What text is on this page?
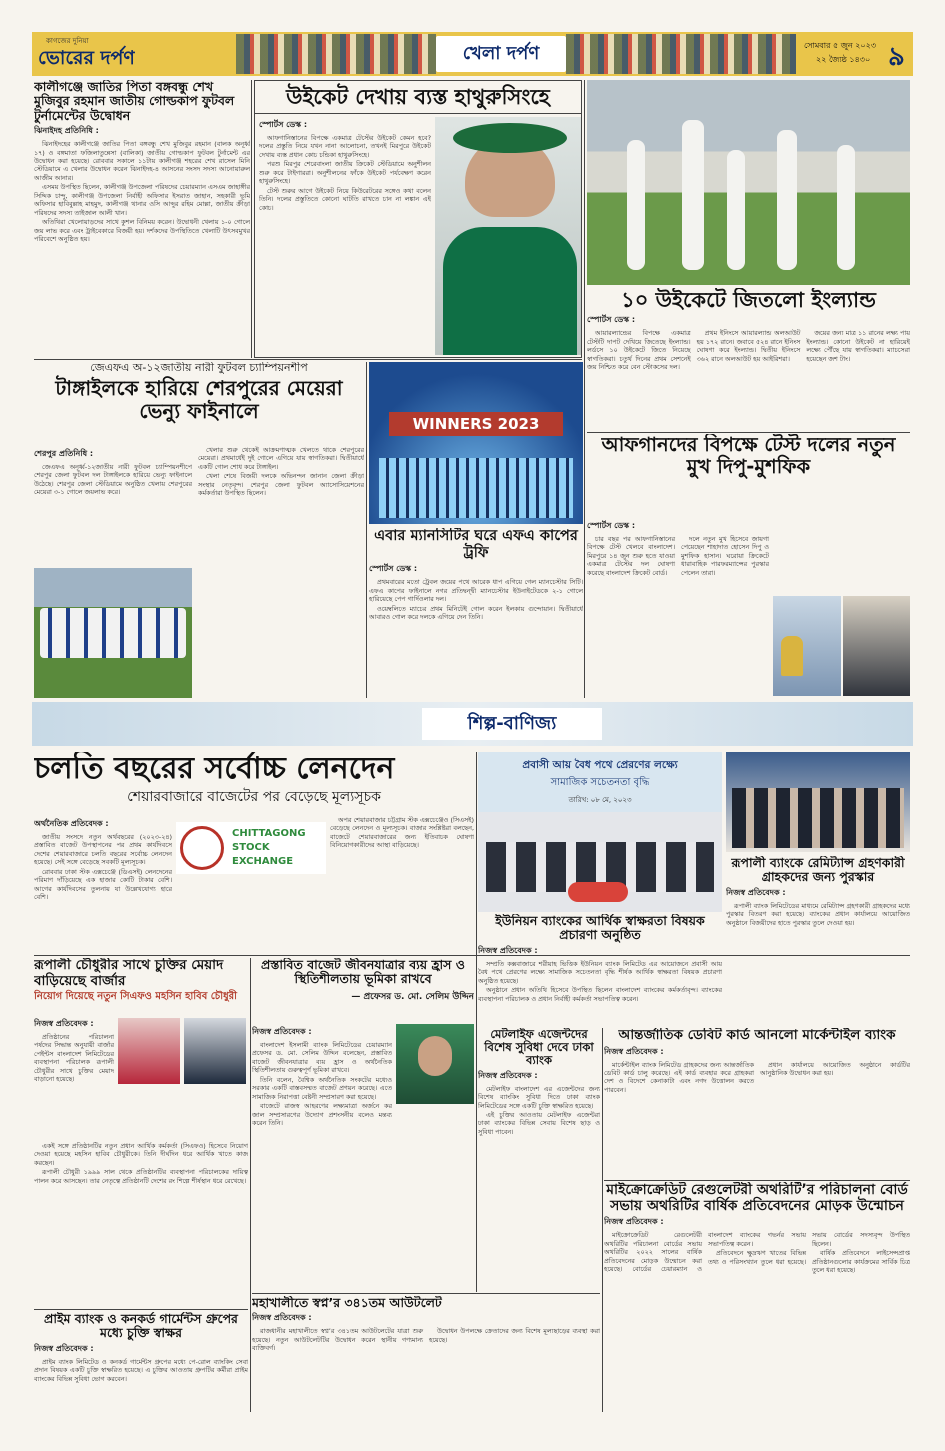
কাগজের দুনিয়া
ভোরের দর্পণ	খেলা দর্পণ	সোমবার ৫ জুন ২০২৩
২২ জ্যৈষ্ঠ ১৪৩০ ৯
কালীগঞ্জে জাতির পিতা বঙ্গবন্ধু শেখ মুজিবুর রহমান জাতীয় গোল্ডকাপ ফুটবল টুর্নামেন্টের উদ্বোধন
ঝিনাইদহ প্রতিনিধি :

ঝিনাইদহের কালীগঞ্জে জাতির পিতা বঙ্গবন্ধু শেখ মুজিবুর রহমান (বালক অনূর্ধ্ব ১৭) ও বঙ্গমাতা ফজিলাতুন্নেসা (বালিকা) জাতীয় গোল্ডকাপ ফুটবল টুর্নামেন্ট এর উদ্বোধন করা হয়েছে। রোববার সকালে ১১টায় কালীগঞ্জ শহরের শেখ রাসেল মিনি স্টেডিয়ামে এ খেলার উদ্বোধন করেন ঝিনাইদহ-৪ আসনের সংসদ সদস্য আনোয়ারুল আজীম আনার।

এসময় উপস্থিত ছিলেন, কালীগঞ্জ উপজেলা পরিষদের চেয়ারম্যান এসএম জাহাঙ্গীর সিদ্দিক চান্দু, কালীগঞ্জ উপজেলা নির্বাহী অফিসার ইসরাত জাহান, সহকারী ভূমি অফিসার হাবিবুল্লাহ মাহমুদ, কালীগঞ্জ থানার ওসি আব্দুর রহিম মোল্লা, জাতীয় ক্রীড়া পরিষদের সদস্য তাইজাল আলী খান।

অতিথিরা খেলোয়াড়দের সাথে কুশল বিনিময় করেন। উদ্বোধনী খেলায় ১-০ গোলে জয় লাভ করে এবং ট্রাইবেকারে বিজয়ী হয়। দর্শকদের উপস্থিতিতে খেলাটি উৎসবমুখর পরিবেশে অনুষ্ঠিত হয়।

উইকেট দেখায় ব্যস্ত হাথুরুসিংহে
স্পোর্টস ডেস্ক :

আফগানিস্তানের বিপক্ষে একমাত্র টেস্টের উইকেট কেমন হবে? দলের প্রস্তুতি নিয়ে যখন নানা আলোচনা, তখনই মিরপুরে উইকেট দেখায় ব্যস্ত প্রধান কোচ চন্ডিকা হাথুরুসিংহে।

পরশু মিরপুর শেরেবাংলা জাতীয় ক্রিকেট স্টেডিয়ামে অনুশীলন শুরু করে টাইগাররা। অনুশীলনের ফাঁকে উইকেট পর্যবেক্ষণ করেন হাথুরুসিংহে।

টেস্ট শুরুর আগে উইকেট নিয়ে কিউরেটরের সঙ্গেও কথা বলেন তিনি। দলের প্রস্তুতিতে কোনো ঘাটতি রাখতে চান না লঙ্কান এই কোচ।

১০ উইকেটে জিতলো ইংল্যান্ড
স্পোর্টস ডেস্ক :

আয়ারল্যান্ডের বিপক্ষে একমাত্র টেস্টটি দাপট দেখিয়ে জিতেছে ইংল্যান্ড। লর্ডসে ১০ উইকেটে জিতে নিয়েছে স্বাগতিকরা। চতুর্থ দিনের প্রথম সেশনেই জয় নিশ্চিত করে বেন স্টোকসের দল।

প্রথম ইনিংসে আয়ারল্যান্ড অলআউট হয় ১৭২ রানে। জবাবে ৫২৪ রানে ইনিংস ঘোষণা করে ইংল্যান্ড। দ্বিতীয় ইনিংসে ৩৬২ রানে অলআউট হয় আইরিশরা।

জয়ের জন্য মাত্র ১১ রানের লক্ষ্য পায় ইংল্যান্ড। কোনো উইকেট না হারিয়েই লক্ষ্যে পৌঁছে যায় স্বাগতিকরা। ম্যাচসেরা হয়েছেন জশ টাং।

জেএফএ অ-১২জাতীয় নারী ফুটবল চ্যাম্পিয়নশীপ
টাঙ্গাইলকে হারিয়ে শেরপুরের মেয়েরা ভেন্যু ফাইনালে
শেরপুর প্রতিনিধি :

জেএফএ অনূর্ধ্ব-১২জাতীয় নারী ফুটবল চ্যাম্পিয়নশীপে শেরপুর জেলা ফুটবল দল টাঙ্গাইলকে হারিয়ে ভেন্যু ফাইনালে উঠেছে। শেরপুর জেলা স্টেডিয়ামে অনুষ্ঠিত খেলায় শেরপুরের মেয়েরা ৩-১ গোলে জয়লাভ করে।

খেলার শুরু থেকেই আক্রমণাত্মক খেলতে থাকে শেরপুরের মেয়েরা। প্রথমার্ধেই দুই গোলে এগিয়ে যায় স্বাগতিকরা। দ্বিতীয়ার্ধে একটি গোল শোধ করে টাঙ্গাইল।

খেলা শেষে বিজয়ী দলকে অভিনন্দন জানান জেলা ক্রীড়া সংস্থার নেতৃবৃন্দ। শেরপুর জেলা ফুটবল অ্যাসোসিয়েশনের কর্মকর্তারা উপস্থিত ছিলেন।

WINNERS 2023
এবার ম্যানসিটির ঘরে এফএ কাপের ট্রফি
স্পোর্টস ডেস্ক :

প্রথমবারের মতো ট্রেবল জয়ের পথে আরেক ধাপ এগিয়ে গেল ম্যানচেস্টার সিটি। এফএ কাপের ফাইনালে নগর প্রতিদ্বন্দ্বী ম্যানচেস্টার ইউনাইটেডকে ২-১ গোলে হারিয়েছে পেপ গার্দিওলার দল।

ওয়েম্বলিতে ম্যাচের প্রথম মিনিটেই গোল করেন ইলকায় গুন্দোয়ান। দ্বিতীয়ার্ধে আবারও গোল করে দলকে এগিয়ে দেন তিনি।

আফগানদের বিপক্ষে টেস্ট দলের নতুন মুখ দিপু-মুশফিক
স্পোর্টস ডেস্ক :

চার বছর পর আফগানিস্তানের বিপক্ষে টেস্ট খেলবে বাংলাদেশ। মিরপুরে ১৪ জুন শুরু হতে যাওয়া একমাত্র টেস্টের দল ঘোষণা করেছে বাংলাদেশ ক্রিকেট বোর্ড।

দলে নতুন মুখ হিসেবে জায়গা পেয়েছেন শাহাদাত হোসেন দিপু ও মুশফিক হাসান। ঘরোয়া ক্রিকেটে ধারাবাহিক পারফরম্যান্সের পুরস্কার পেলেন তারা।

শিল্প-বাণিজ্য
চলতি বছরের সর্বোচ্চ লেনদেন
শেয়ারবাজারে বাজেটের পর বেড়েছে মূল্যসূচক
অর্থনৈতিক প্রতিবেদক :

জাতীয় সংসদে নতুন অর্থবছরের (২০২৩-২৪) প্রস্তাবিত বাজেট উপস্থাপনের পর প্রথম কার্যদিবসে দেশের শেয়ারবাজারে চলতি বছরের সর্বোচ্চ লেনদেন হয়েছে। সেই সঙ্গে বেড়েছে সবকটি মূল্যসূচক।

রোববার ঢাকা স্টক এক্সচেঞ্জে (ডিএসই) লেনদেনের পরিমাণ দাঁড়িয়েছে এক হাজার কোটি টাকার বেশি। আগের কার্যদিবসের তুলনায় যা উল্লেখযোগ্য হারে বেশি।

CHITTAGONG
STOCK
EXCHANGE

অপর শেয়ারবাজার চট্টগ্রাম স্টক এক্সচেঞ্জেও (সিএসই) বেড়েছে লেনদেন ও মূল্যসূচক। বাজার সংশ্লিষ্টরা বলছেন, বাজেটে শেয়ারবাজারের জন্য ইতিবাচক ঘোষণা বিনিয়োগকারীদের আস্থা বাড়িয়েছে।

প্রবাসী আয় বৈধ পথে প্রেরণের লক্ষ্যে
সামাজিক সচেতনতা বৃদ্ধি
তারিখ: ০৮ মে, ২০২৩
ইউনিয়ন ব্যাংকের আর্থিক স্বাক্ষরতা বিষয়ক প্রচারণা অনুষ্ঠিত
নিজস্ব প্রতিবেদক :

সম্প্রতি কক্সবাজারে শরীয়াহ ভিত্তিক ইউনিয়ন ব্যাংক লিমিটেড এর আয়োজনে প্রবাসী আয় বৈধ পথে প্রেরণের লক্ষ্যে সামাজিক সচেতনতা বৃদ্ধি শীর্ষক আর্থিক স্বাক্ষরতা বিষয়ক প্রচারণা অনুষ্ঠিত হয়েছে।

অনুষ্ঠানে প্রধান অতিথি হিসেবে উপস্থিত ছিলেন বাংলাদেশ ব্যাংকের কর্মকর্তাবৃন্দ। ব্যাংকের ব্যবস্থাপনা পরিচালক ও প্রধান নির্বাহী কর্মকর্তা সভাপতিত্ব করেন।

রূপালী ব্যাংকে রেমিট্যান্স গ্রহণকারী গ্রাহকদের জন্য পুরস্কার
নিজস্ব প্রতিবেদক :

রূপালী ব্যাংক লিমিটেডের মাধ্যমে রেমিট্যান্স গ্রহণকারী গ্রাহকদের মধ্যে পুরস্কার বিতরণ করা হয়েছে। ব্যাংকের প্রধান কার্যালয়ে আয়োজিত অনুষ্ঠানে বিজয়ীদের হাতে পুরস্কার তুলে দেওয়া হয়।

রূপালী চৌধুরীর সাথে চুক্তির মেয়াদ বাড়িয়েছে বার্জার
নিয়োগ দিয়েছে নতুন সিএফও মহসিন হাবিব চৌধুরী
নিজস্ব প্রতিবেদক :

প্রতিষ্ঠানের পরিচালনা পর্ষদের সিদ্ধান্ত অনুযায়ী বার্জার পেইন্টস বাংলাদেশ লিমিটেডের ব্যবস্থাপনা পরিচালক রূপালী চৌধুরীর সাথে চুক্তির মেয়াদ বাড়ানো হয়েছে।

একই সঙ্গে প্রতিষ্ঠানটির নতুন প্রধান আর্থিক কর্মকর্তা (সিএফও) হিসেবে নিয়োগ দেওয়া হয়েছে মহসিন হাবিব চৌধুরীকে। তিনি দীর্ঘদিন ধরে আর্থিক খাতে কাজ করছেন।

রূপালী চৌধুরী ১৯৯৯ সাল থেকে প্রতিষ্ঠানটির ব্যবস্থাপনা পরিচালকের দায়িত্ব পালন করে আসছেন। তার নেতৃত্বে প্রতিষ্ঠানটি দেশের রং শিল্পে শীর্ষস্থান ধরে রেখেছে।

প্রস্তাবিত বাজেট জীবনযাত্রার ব্যয় হ্রাস ও স্থিতিশীলতায় ভূমিকা রাখবে
— প্রফেসর ড. মো. সেলিম উদ্দিন
নিজস্ব প্রতিবেদক :

বাংলাদেশ ইসলামী ব্যাংক লিমিটেডের চেয়ারম্যান প্রফেসর ড. মো. সেলিম উদ্দিন বলেছেন, প্রস্তাবিত বাজেট জীবনযাত্রার ব্যয় হ্রাস ও অর্থনৈতিক স্থিতিশীলতায় গুরুত্বপূর্ণ ভূমিকা রাখবে।

তিনি বলেন, বৈশ্বিক অর্থনৈতিক সংকটের মধ্যেও সরকার একটি বাস্তবসম্মত বাজেট প্রণয়ন করেছে। এতে সামাজিক নিরাপত্তা বেষ্টনী সম্প্রসারণ করা হয়েছে।

বাজেটে রাজস্ব আহরণের লক্ষ্যমাত্রা অর্জনে কর জাল সম্প্রসারণের উদ্যোগ প্রশংসনীয় বলেও মন্তব্য করেন তিনি।

মেটলাইফ এজেন্টদের বিশেষ সুবিধা দেবে ঢাকা ব্যাংক
নিজস্ব প্রতিবেদক :

মেটলাইফ বাংলাদেশ এর এজেন্টদের জন্য বিশেষ ব্যাংকিং সুবিধা দিতে ঢাকা ব্যাংক লিমিটেডের সঙ্গে একটি চুক্তি স্বাক্ষরিত হয়েছে।

এই চুক্তির আওতায় মেটলাইফ এজেন্টরা ঢাকা ব্যাংকের বিভিন্ন সেবায় বিশেষ ছাড় ও সুবিধা পাবেন।

মহাখালীতে স্বপ্ন’র ৩৪১তম আউটলেট
নিজস্ব প্রতিবেদক :

রাজধানীর মহাখালীতে স্বপ্ন’র ৩৪১তম আউটলেটের যাত্রা শুরু হয়েছে। নতুন আউটলেটটির উদ্বোধন করেন স্থানীয় গণ্যমান্য ব্যক্তিবর্গ।

উদ্বোধন উপলক্ষে ক্রেতাদের জন্য বিশেষ মূল্যছাড়ের ব্যবস্থা করা হয়েছে।

প্রাইম ব্যাংক ও কনকর্ড গার্মেন্টস গ্রুপের মধ্যে চুক্তি স্বাক্ষর
নিজস্ব প্রতিবেদক :

প্রাইম ব্যাংক লিমিটেড ও কনকর্ড গার্মেন্টস গ্রুপের মধ্যে পে-রোল ব্যাংকিং সেবা প্রদান বিষয়ক একটি চুক্তি স্বাক্ষরিত হয়েছে। এ চুক্তির আওতায় গ্রুপটির কর্মীরা প্রাইম ব্যাংকের বিভিন্ন সুবিধা ভোগ করবেন।

আন্তর্জাতিক ডেবিট কার্ড আনলো মার্কেন্টাইল ব্যাংক
নিজস্ব প্রতিবেদক :

মার্কেন্টাইল ব্যাংক লিমিটেড গ্রাহকদের জন্য আন্তর্জাতিক ডেবিট কার্ড চালু করেছে। এই কার্ড ব্যবহার করে গ্রাহকরা দেশ ও বিদেশে কেনাকাটা এবং নগদ উত্তোলন করতে পারবেন।

প্রধান কার্যালয়ে আয়োজিত অনুষ্ঠানে কার্ডটির আনুষ্ঠানিক উদ্বোধন করা হয়।

মাইক্রোক্রেডিট রেগুলেটরী অথরিটি’র পরিচালনা বোর্ড সভায় অথরিটির বার্ষিক প্রতিবেদনের মোড়ক উন্মোচন
নিজস্ব প্রতিবেদক :

মাইক্রোক্রেডিট রেগুলেটরী অথরিটির পরিচালনা বোর্ডের সভায় অথরিটির ২০২২ সালের বার্ষিক প্রতিবেদনের মোড়ক উন্মোচন করা হয়েছে। বোর্ডের চেয়ারম্যান ও বাংলাদেশ ব্যাংকের গভর্নর সভায় সভাপতিত্ব করেন।

প্রতিবেদনে ক্ষুদ্রঋণ খাতের বিভিন্ন তথ্য ও পরিসংখ্যান তুলে ধরা হয়েছে। সভায় বোর্ডের সদস্যবৃন্দ উপস্থিত ছিলেন।

বার্ষিক প্রতিবেদনে লাইসেন্সপ্রাপ্ত প্রতিষ্ঠানগুলোর কার্যক্রমের সার্বিক চিত্র তুলে ধরা হয়েছে।
